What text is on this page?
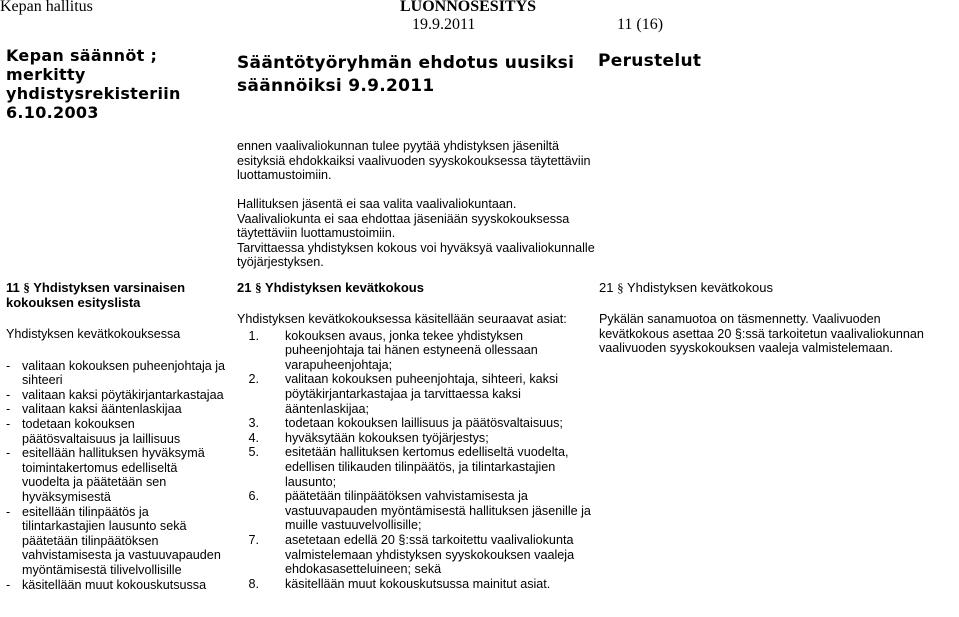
Kepan hallitus	LUONNOSESITYS
19.9.2011	11 (16)
Kepan säännöt ; merkitty yhdistysrekisteriin 6.10.2003
Sääntötyöryhmän ehdotus uusiksi säännöiksi 9.9.2011
Perustelut
ennen vaalivaliokunnan tulee pyytää yhdistyksen jäseniltä esityksiä ehdokkaiksi vaalivuoden syyskokouksessa täytettäviin luottamustoimiin.
Hallituksen jäsentä ei saa valita vaalivaliokuntaan.
Vaalivaliokunta ei saa ehdottaa jäseniään syyskokouksessa täytettäviin luottamustoimiin.
Tarvittaessa yhdistyksen kokous voi hyväksyä vaalivaliokunnalle työjärjestyksen.
11 § Yhdistyksen varsinaisen kokouksen esityslista
Yhdistyksen kevätkokouksessa
- valitaan kokouksen puheenjohtaja ja sihteeri
- valitaan kaksi pöytäkirjantarkastajaa
- valitaan kaksi ääntenlaskijaa
- todetaan kokouksen päätösvaltaisuus ja laillisuus
- esitellään hallituksen hyväksymä toimintakertomus edelliseltä vuodelta ja päätetään sen hyväksymisestä
- esitellään tilinpäätös ja tilintarkastajien lausunto sekä päätetään tilinpäätöksen vahvistamisesta ja vastuuvapauden myöntämisestä tilivelvollisille
- käsitellään muut kokouskutsussa
21 § Yhdistyksen kevätkokous
Yhdistyksen kevätkokouksessa käsitellään seuraavat asiat:
1. kokouksen avaus, jonka tekee yhdistyksen puheenjohtaja tai hänen estyneenä ollessaan varapuheenjohtaja;
2. valitaan kokouksen puheenjohtaja, sihteeri, kaksi pöytäkirjantarkastajaa ja tarvittaessa kaksi ääntenlaskijaa;
3. todetaan kokouksen laillisuus ja päätösvaltaisuus;
4. hyväksytään kokouksen työjärjestys;
5. esitetään hallituksen kertomus edelliseltä vuodelta, edellisen tilikauden tilinpäätös, ja tilintarkastajien lausunto;
6. päätetään tilinpäätöksen vahvistamisesta ja vastuuvapauden myöntämisestä hallituksen jäsenille ja muille vastuuvelvollisille;
7. asetetaan edellä 20 §:ssä tarkoitettu vaalivaliokunta valmistelemaan yhdistyksen syyskokouksen vaaleja ehdokasasetteluineen; sekä
8. käsitellään muut kokouskutsussa mainitut asiat.
21 § Yhdistyksen kevätkokous
Pykälän sanamuotoa on täsmennetty. Vaalivuoden kevätkokous asettaa 20 §:ssä tarkoitetun vaalivaliokunnan vaalivuoden syyskokouksen vaaleja valmistelemaan.
